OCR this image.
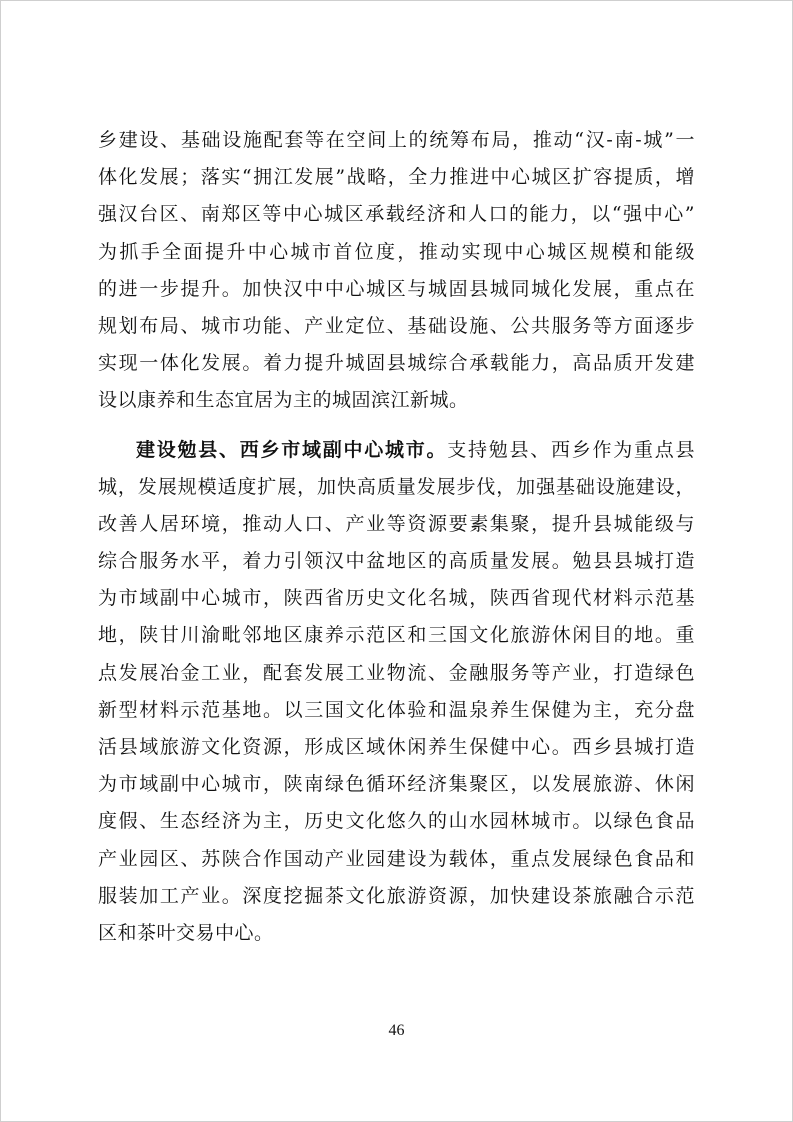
乡建设、基础设施配套等在空间上的统筹布局，推动“汉-南-城”一
体化发展；落实“拥江发展”战略，全力推进中心城区扩容提质，增
强汉台区、南郑区等中心城区承载经济和人口的能力，以“强中心”
为抓手全面提升中心城市首位度，推动实现中心城区规模和能级
的进一步提升。加快汉中中心城区与城固县城同城化发展，重点在
规划布局、城市功能、产业定位、基础设施、公共服务等方面逐步
实现一体化发展。着力提升城固县城综合承载能力，高品质开发建
设以康养和生态宜居为主的城固滨江新城。
建设勉县、西乡市域副中心城市。支持勉县、西乡作为重点县
城，发展规模适度扩展，加快高质量发展步伐，加强基础设施建设，
改善人居环境，推动人口、产业等资源要素集聚，提升县城能级与
综合服务水平，着力引领汉中盆地区的高质量发展。勉县县城打造
为市域副中心城市，陕西省历史文化名城，陕西省现代材料示范基
地，陕甘川渝毗邻地区康养示范区和三国文化旅游休闲目的地。重
点发展冶金工业，配套发展工业物流、金融服务等产业，打造绿色
新型材料示范基地。以三国文化体验和温泉养生保健为主，充分盘
活县域旅游文化资源，形成区域休闲养生保健中心。西乡县城打造
为市域副中心城市，陕南绿色循环经济集聚区，以发展旅游、休闲
度假、生态经济为主，历史文化悠久的山水园林城市。以绿色食品
产业园区、苏陕合作国动产业园建设为载体，重点发展绿色食品和
服装加工产业。深度挖掘茶文化旅游资源，加快建设茶旅融合示范
区和茶叶交易中心。
46
